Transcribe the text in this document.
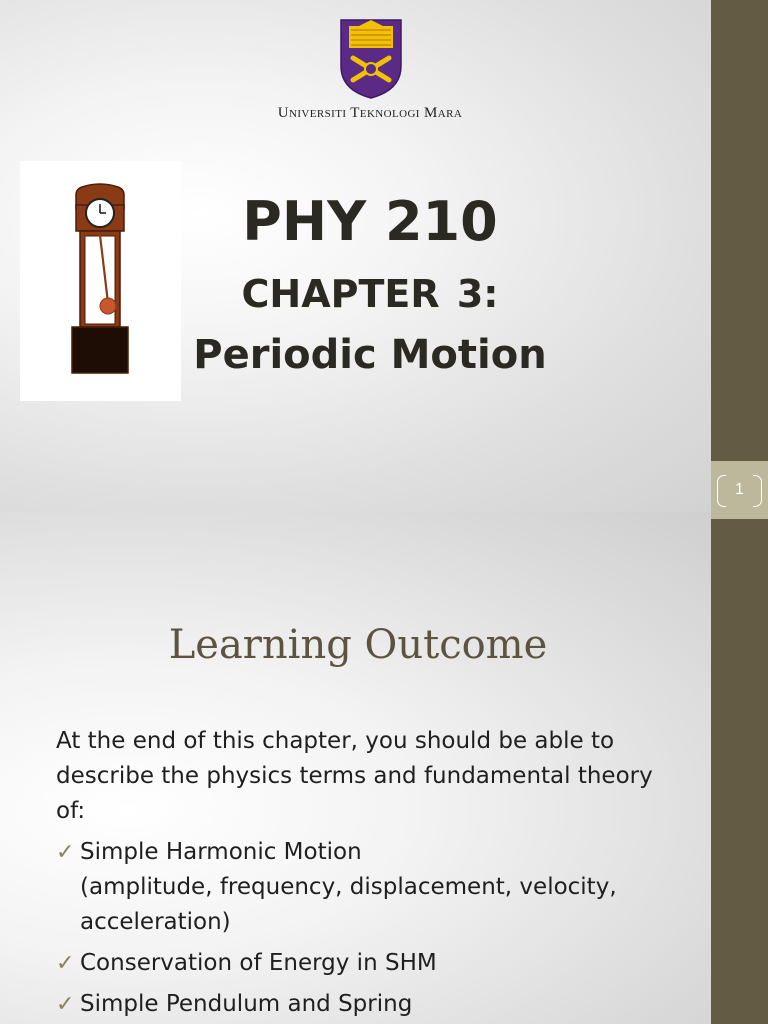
Universiti Teknologi Mara
PHY 210
CHAPTER 3:
Periodic Motion
1
Learning Outcome

At the end of this chapter, you should be able to describe the physics terms and fundamental theory of:

✓ Simple Harmonic Motion
(amplitude, frequency, displacement, velocity, acceleration)
✓ Conservation of Energy in SHM
✓ Simple Pendulum and Spring
